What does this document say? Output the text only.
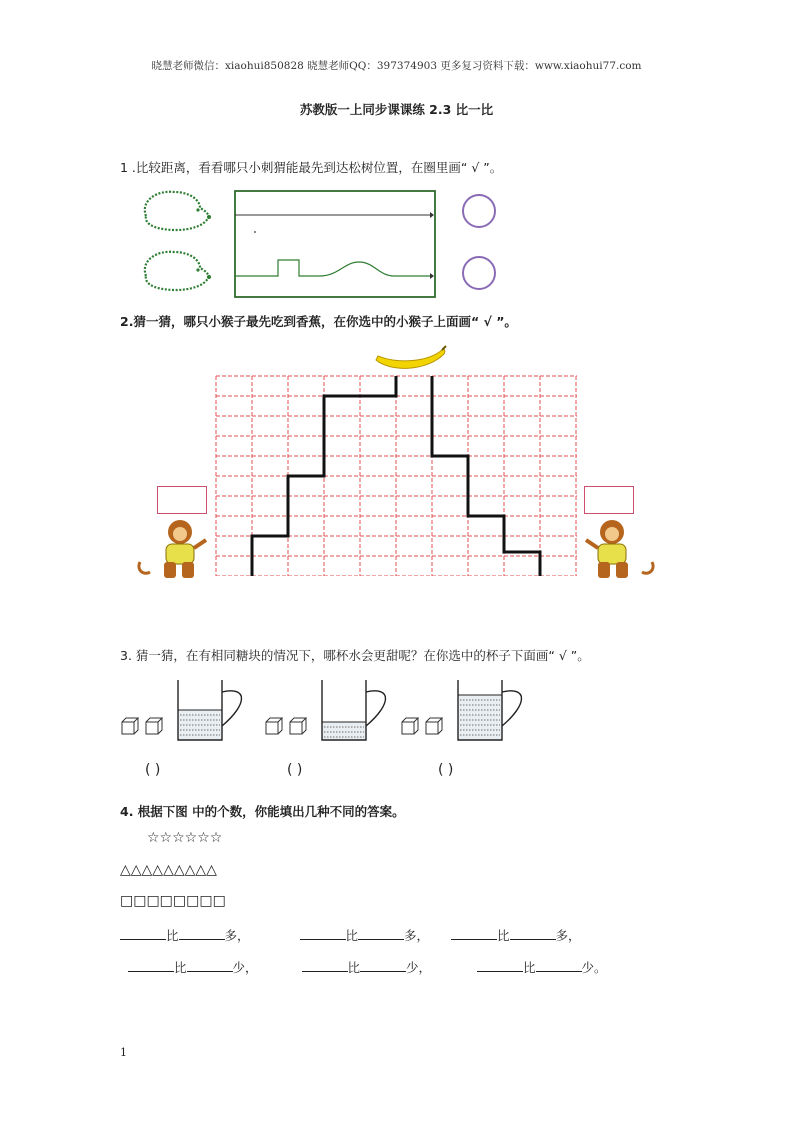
晓慧老师微信：xiaohui850828 晓慧老师QQ：397374903 更多复习资料下载：www.xiaohui77.com
苏教版一上同步课课练 2.3 比一比
1 .比较距离，看看哪只小刺猬能最先到达松树位置，在圈里画“ √ ”。
2.猜一猜，哪只小猴子最先吃到香蕉，在你选中的小猴子上面画“ √ ”。
3. 猜一猜，在有相同糖块的情况下，哪杯水会更甜呢？在你选中的杯子下面画“ √ ”。
( )	( )	( )
4. 根据下图 中的个数，你能填出几种不同的答案。
☆☆☆☆☆☆
△△△△△△△△△
□□□□□□□□
比	多，	比	多，	比	多，
比	少，	比	少，	比	少。
1
